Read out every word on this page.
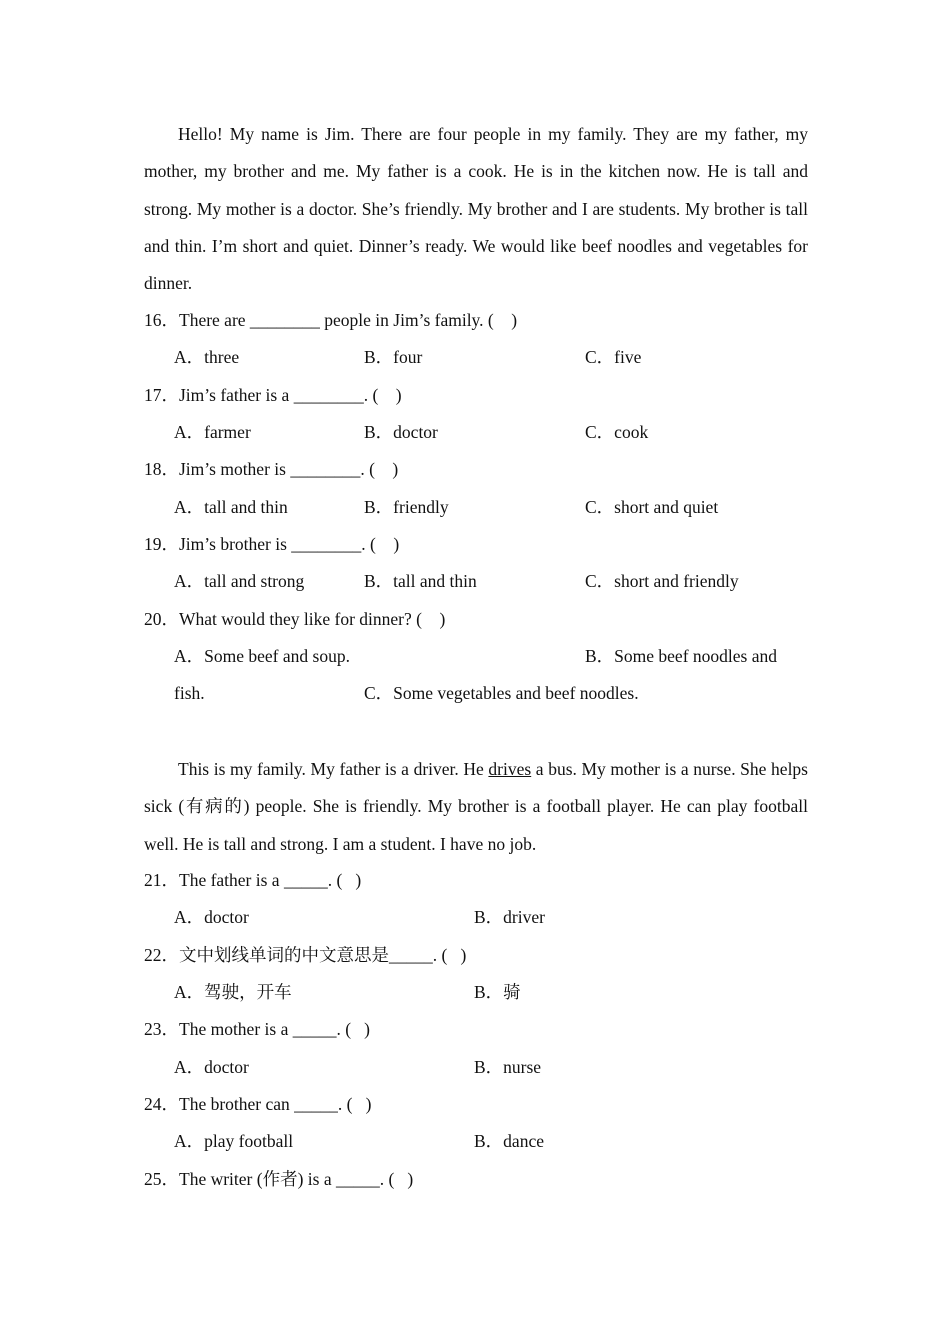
Hello! My name is Jim. There are four people in my family. They are my father, my mother, my brother and me. My father is a cook. He is in the kitchen now. He is tall and strong. My mother is a doctor. She’s friendly. My brother and I are students. My brother is tall and thin. I’m short and quiet. Dinner’s ready. We would like beef noodles and vegetables for dinner.

16．There are ________ people in Jim’s family. (    )
A．three	B．four	C．five
17．Jim’s father is a ________. (    )
A．farmer	B．doctor	C．cook
18．Jim’s mother is ________. (    )
A．tall and thin	B．friendly	C．short and quiet
19．Jim’s brother is ________. (    )
A．tall and strong	B．tall and thin	C．short and friendly
20．What would they like for dinner? (    )
A．Some beef and soup.	B．Some beef noodles and
fish.	C．Some vegetables and beef noodles.

This is my family. My father is a driver. He drives a bus. My mother is a nurse. She helps sick (有病的) people. She is friendly. My brother is a football player. He can play football well. He is tall and strong. I am a student. I have no job.

21．The father is a _____. (   )
A．doctor	B．driver
22．文中划线单词的中文意思是_____. (   )
A．驾驶，开车	B．骑
23．The mother is a _____. (   )
A．doctor	B．nurse
24．The brother can _____. (   )
A．play football	B．dance
25．The writer (作者) is a _____. (   )
